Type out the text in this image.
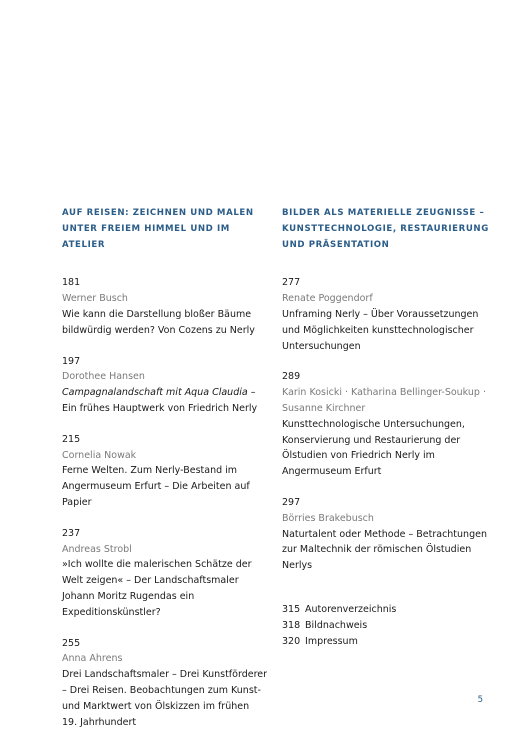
AUF REISEN: ZEICHNEN UND MALEN UNTER FREIEM HIMMEL UND IM ATELIER

181
Werner Busch
Wie kann die Darstellung bloßer Bäume bildwürdig werden? Von Cozens zu Nerly
197
Dorothee Hansen
Campagnalandschaft mit Aqua Claudia –
Ein frühes Hauptwerk von Friedrich Nerly
215
Cornelia Nowak
Ferne Welten. Zum Nerly-Bestand im Angermuseum Erfurt – Die Arbeiten auf Papier
237
Andreas Strobl
»Ich wollte die malerischen Schätze der Welt zeigen« – Der Landschaftsmaler Johann Moritz Rugendas ein Expeditionskünstler?
255
Anna Ahrens
Drei Landschaftsmaler – Drei Kunstförderer – Drei Reisen. Beobachtungen zum Kunst- und Marktwert von Ölskizzen im frühen 19. Jahrhundert

BILDER ALS MATERIELLE ZEUGNISSE – KUNSTTECHNOLOGIE, RESTAURIERUNG UND PRÄSENTATION

277
Renate Poggendorf
Unframing Nerly – Über Voraussetzungen und Möglichkeiten kunsttechnologischer Untersuchungen
289
Karin Kosicki · Katharina Bellinger-Soukup · Susanne Kirchner
Kunsttechnologische Untersuchungen, Konservierung und Restaurierung der Ölstudien von Friedrich Nerly im Angermuseum Erfurt
297
Börries Brakebusch
Naturtalent oder Methode – Betrachtungen zur Maltechnik der römischen Ölstudien Nerlys
315 Autorenverzeichnis
318 Bildnachweis
320 Impressum
5
